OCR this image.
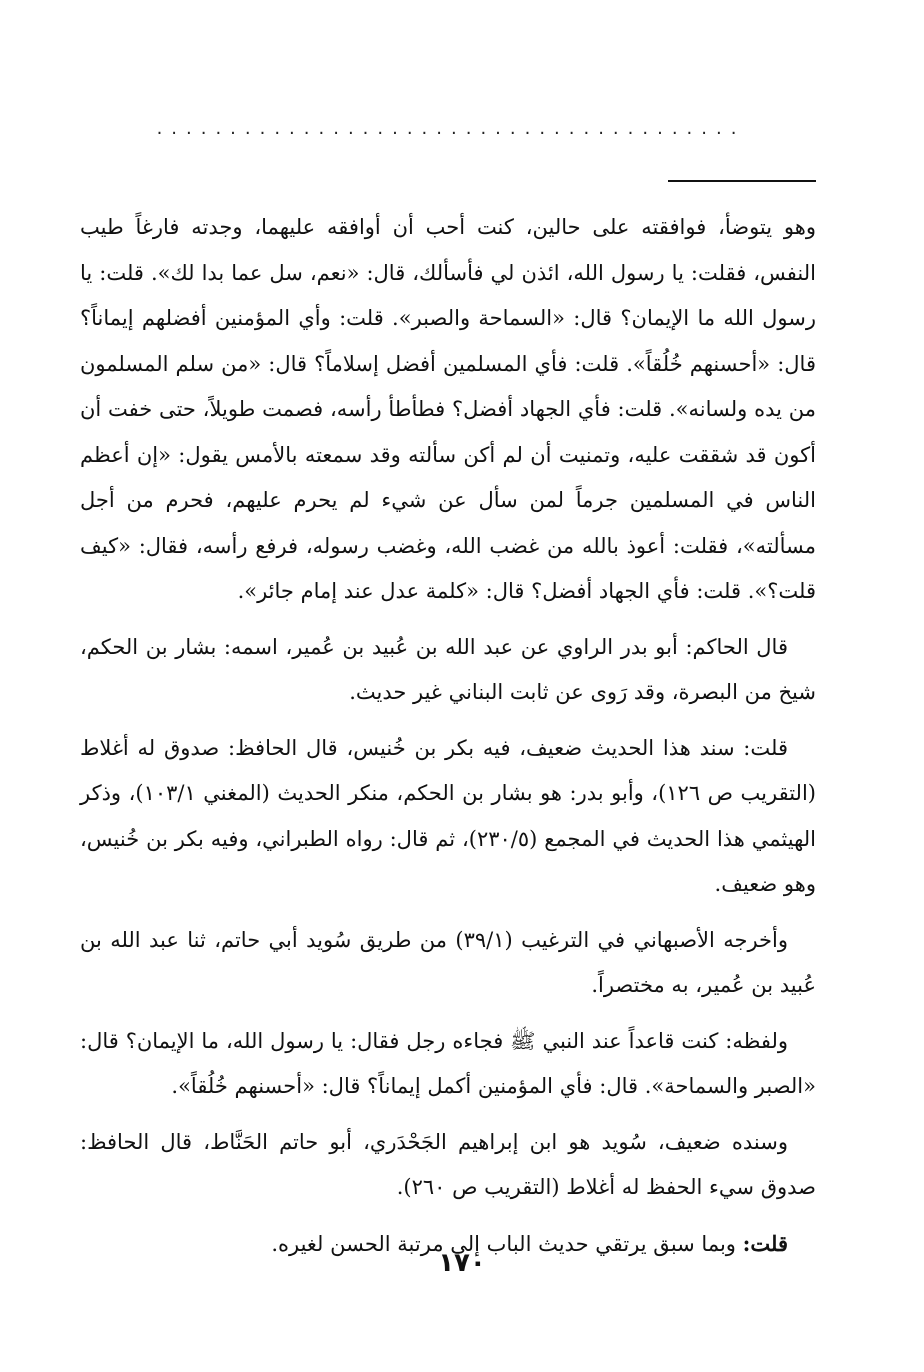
........................................

وهو يتوضأ، فوافقته على حالين، كنت أحب أن أوافقه عليهما، وجدته فارغاً طيب النفس، فقلت: يا رسول الله، ائذن لي فأسألك، قال: «نعم، سل عما بدا لك». قلت: يا رسول الله ما الإيمان؟ قال: «السماحة والصبر». قلت: وأي المؤمنين أفضلهم إيماناً؟ قال: «أحسنهم خُلُقاً». قلت: فأي المسلمين أفضل إسلاماً؟ قال: «من سلم المسلمون من يده ولسانه». قلت: فأي الجهاد أفضل؟ فطأطأ رأسه، فصمت طويلاً، حتى خفت أن أكون قد شققت عليه، وتمنيت أن لم أكن سألته وقد سمعته بالأمس يقول: «إن أعظم الناس في المسلمين جرماً لمن سأل عن شيء لم يحرم عليهم، فحرم من أجل مسألته»، فقلت: أعوذ بالله من غضب الله، وغضب رسوله، فرفع رأسه، فقال: «كيف قلت؟». قلت: فأي الجهاد أفضل؟ قال: «كلمة عدل عند إمام جائر».

قال الحاكم: أبو بدر الراوي عن عبد الله بن عُبيد بن عُمير، اسمه: بشار بن الحكم، شيخ من البصرة، وقد رَوى عن ثابت البناني غير حديث.

قلت: سند هذا الحديث ضعيف، فيه بكر بن خُنيس، قال الحافظ: صدوق له أغلاط (التقريب ص ١٢٦)، وأبو بدر: هو بشار بن الحكم، منكر الحديث (المغني ١٠٣/١)، وذكر الهيثمي هذا الحديث في المجمع (٢٣٠/٥)، ثم قال: رواه الطبراني، وفيه بكر بن خُنيس، وهو ضعيف.

وأخرجه الأصبهاني في الترغيب (٣٩/١) من طريق سُويد أبي حاتم، ثنا عبد الله بن عُبيد بن عُمير، به مختصراً.

ولفظه: كنت قاعداً عند النبي ﷺ فجاءه رجل فقال: يا رسول الله، ما الإيمان؟ قال: «الصبر والسماحة». قال: فأي المؤمنين أكمل إيماناً؟ قال: «أحسنهم خُلُقاً».

وسنده ضعيف، سُويد هو ابن إبراهيم الجَحْدَري، أبو حاتم الحَنَّاط، قال الحافظ: صدوق سيء الحفظ له أغلاط (التقريب ص ٢٦٠).

قلت: وبما سبق يرتقي حديث الباب إلى مرتبة الحسن لغيره.

١٧٠
